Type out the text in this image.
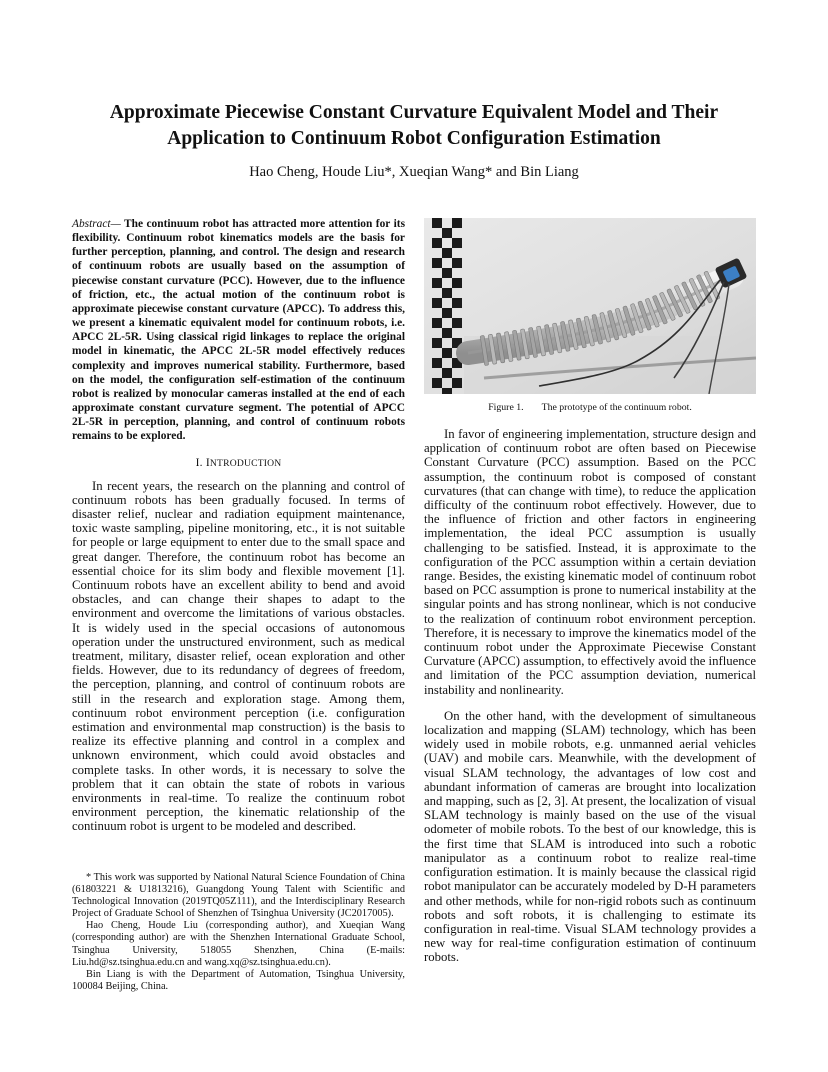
Approximate Piecewise Constant Curvature Equivalent Model and Their Application to Continuum Robot Configuration Estimation
Hao Cheng, Houde Liu*, Xueqian Wang* and Bin Liang

Abstract— The continuum robot has attracted more attention for its flexibility. Continuum robot kinematics models are the basis for further perception, planning, and control. The design and research of continuum robots are usually based on the assumption of piecewise constant curvature (PCC). However, due to the influence of friction, etc., the actual motion of the continuum robot is approximate piecewise constant curvature (APCC). To address this, we present a kinematic equivalent model for continuum robots, i.e. APCC 2L-5R. Using classical rigid linkages to replace the original model in kinematic, the APCC 2L-5R model effectively reduces complexity and improves numerical stability. Furthermore, based on the model, the configuration self-estimation of the continuum robot is realized by monocular cameras installed at the end of each approximate constant curvature segment. The potential of APCC 2L-5R in perception, planning, and control of continuum robots remains to be explored.

I. INTRODUCTION

In recent years, the research on the planning and control of continuum robots has been gradually focused. In terms of disaster relief, nuclear and radiation equipment maintenance, toxic waste sampling, pipeline monitoring, etc., it is not suitable for people or large equipment to enter due to the small space and great danger. Therefore, the continuum robot has become an essential choice for its slim body and flexible movement [1]. Continuum robots have an excellent ability to bend and avoid obstacles, and can change their shapes to adapt to the environment and overcome the limitations of various obstacles. It is widely used in the special occasions of autonomous operation under the unstructured environment, such as medical treatment, military, disaster relief, ocean exploration and other fields. However, due to its redundancy of degrees of freedom, the perception, planning, and control of continuum robots are still in the research and exploration stage. Among them, continuum robot environment perception (i.e. configuration estimation and environmental map construction) is the basis to realize its effective planning and control in a complex and unknown environment, which could avoid obstacles and complete tasks. In other words, it is necessary to solve the problem that it can obtain the state of robots in various environments in real-time. To realize the continuum robot environment perception, the kinematic relationship of the continuum robot is urgent to be modeled and described.

* This work was supported by National Natural Science Foundation of China (61803221 & U1813216), Guangdong Young Talent with Scientific and Technological Innovation (2019TQ05Z111), and the Interdisciplinary Research Project of Graduate School of Shenzhen of Tsinghua University (JC2017005).

Hao Cheng, Houde Liu (corresponding author), and Xueqian Wang (corresponding author) are with the Shenzhen International Graduate School, Tsinghua University, 518055 Shenzhen, China (E-mails: Liu.hd@sz.tsinghua.edu.cn and wang.xq@sz.tsinghua.edu.cn).

Bin Liang is with the Department of Automation, Tsinghua University, 100084 Beijing, China.

Figure 1. The prototype of the continuum robot.

In favor of engineering implementation, structure design and application of continuum robot are often based on Piecewise Constant Curvature (PCC) assumption. Based on the PCC assumption, the continuum robot is composed of constant curvatures (that can change with time), to reduce the application difficulty of the continuum robot effectively. However, due to the influence of friction and other factors in engineering implementation, the ideal PCC assumption is usually challenging to be satisfied. Instead, it is approximate to the configuration of the PCC assumption within a certain deviation range. Besides, the existing kinematic model of continuum robot based on PCC assumption is prone to numerical instability at the singular points and has strong nonlinear, which is not conducive to the realization of continuum robot environment perception. Therefore, it is necessary to improve the kinematics model of the continuum robot under the Approximate Piecewise Constant Curvature (APCC) assumption, to effectively avoid the influence and limitation of the PCC assumption deviation, numerical instability and nonlinearity.

On the other hand, with the development of simultaneous localization and mapping (SLAM) technology, which has been widely used in mobile robots, e.g. unmanned aerial vehicles (UAV) and mobile cars. Meanwhile, with the development of visual SLAM technology, the advantages of low cost and abundant information of cameras are brought into localization and mapping, such as [2, 3]. At present, the localization of visual SLAM technology is mainly based on the use of the visual odometer of mobile robots. To the best of our knowledge, this is the first time that SLAM is introduced into such a robotic manipulator as a continuum robot to realize real-time configuration estimation. It is mainly because the classical rigid robot manipulator can be accurately modeled by D-H parameters and other methods, while for non-rigid robots such as continuum robots and soft robots, it is challenging to estimate its configuration in real-time. Visual SLAM technology provides a new way for real-time configuration estimation of continuum robots.
